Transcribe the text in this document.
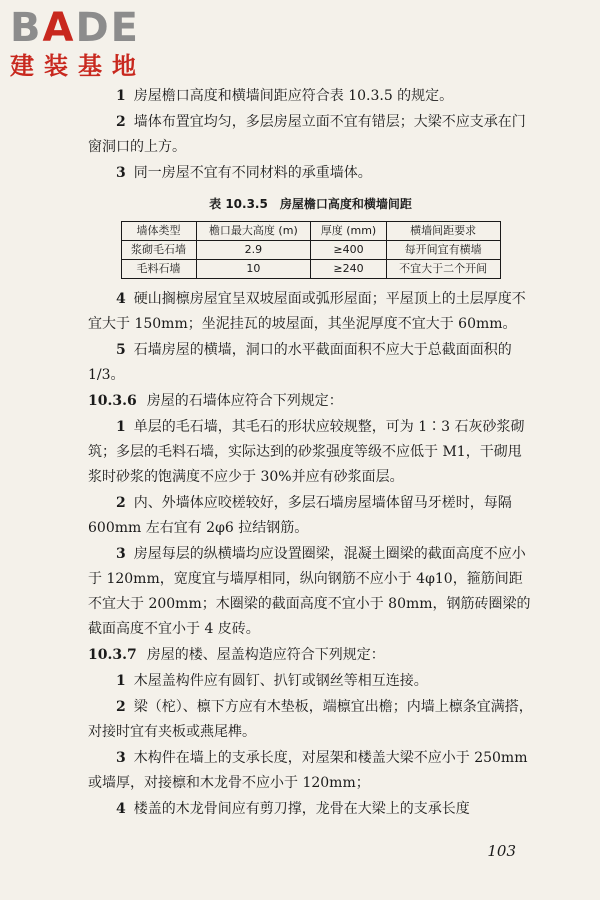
BADE
建装基地
1 房屋檐口高度和横墙间距应符合表 10.3.5 的规定。
2 墙体布置宜均匀，多层房屋立面不宜有错层；大梁不应支承在门窗洞口的上方。
3 同一房屋不宜有不同材料的承重墙体。
表 10.3.5 房屋檐口高度和横墙间距
墙体类型	檐口最大高度 (m)	厚度 (mm)	横墙间距要求
浆砌毛石墙	2.9	≥400	每开间宜有横墙
毛料石墙	10	≥240	不宜大于二个开间
4 硬山搁檩房屋宜呈双坡屋面或弧形屋面；平屋顶上的土层厚度不宜大于 150mm；坐泥挂瓦的坡屋面，其坐泥厚度不宜大于 60mm。
5 石墙房屋的横墙，洞口的水平截面面积不应大于总截面面积的 1/3。
10.3.6 房屋的石墙体应符合下列规定：
1 单层的毛石墙，其毛石的形状应较规整，可为 1∶3 石灰砂浆砌筑；多层的毛料石墙，实际达到的砂浆强度等级不应低于 M1，干砌甩浆时砂浆的饱满度不应少于 30%并应有砂浆面层。
2 内、外墙体应咬槎较好，多层石墙房屋墙体留马牙槎时，每隔 600mm 左右宜有 2φ6 拉结钢筋。
3 房屋每层的纵横墙均应设置圈梁，混凝土圈梁的截面高度不应小于 120mm，宽度宜与墙厚相同，纵向钢筋不应小于 4φ10，箍筋间距不宜大于 200mm；木圈梁的截面高度不宜小于 80mm，钢筋砖圈梁的截面高度不宜小于 4 皮砖。
10.3.7 房屋的楼、屋盖构造应符合下列规定：
1 木屋盖构件应有圆钉、扒钉或钢丝等相互连接。
2 梁（柁）、檩下方应有木垫板，端檩宜出檐；内墙上檩条宜满搭，对接时宜有夹板或燕尾榫。
3 木构件在墙上的支承长度，对屋架和楼盖大梁不应小于 250mm 或墙厚，对接檩和木龙骨不应小于 120mm；
4 楼盖的木龙骨间应有剪刀撑，龙骨在大梁上的支承长度
103
